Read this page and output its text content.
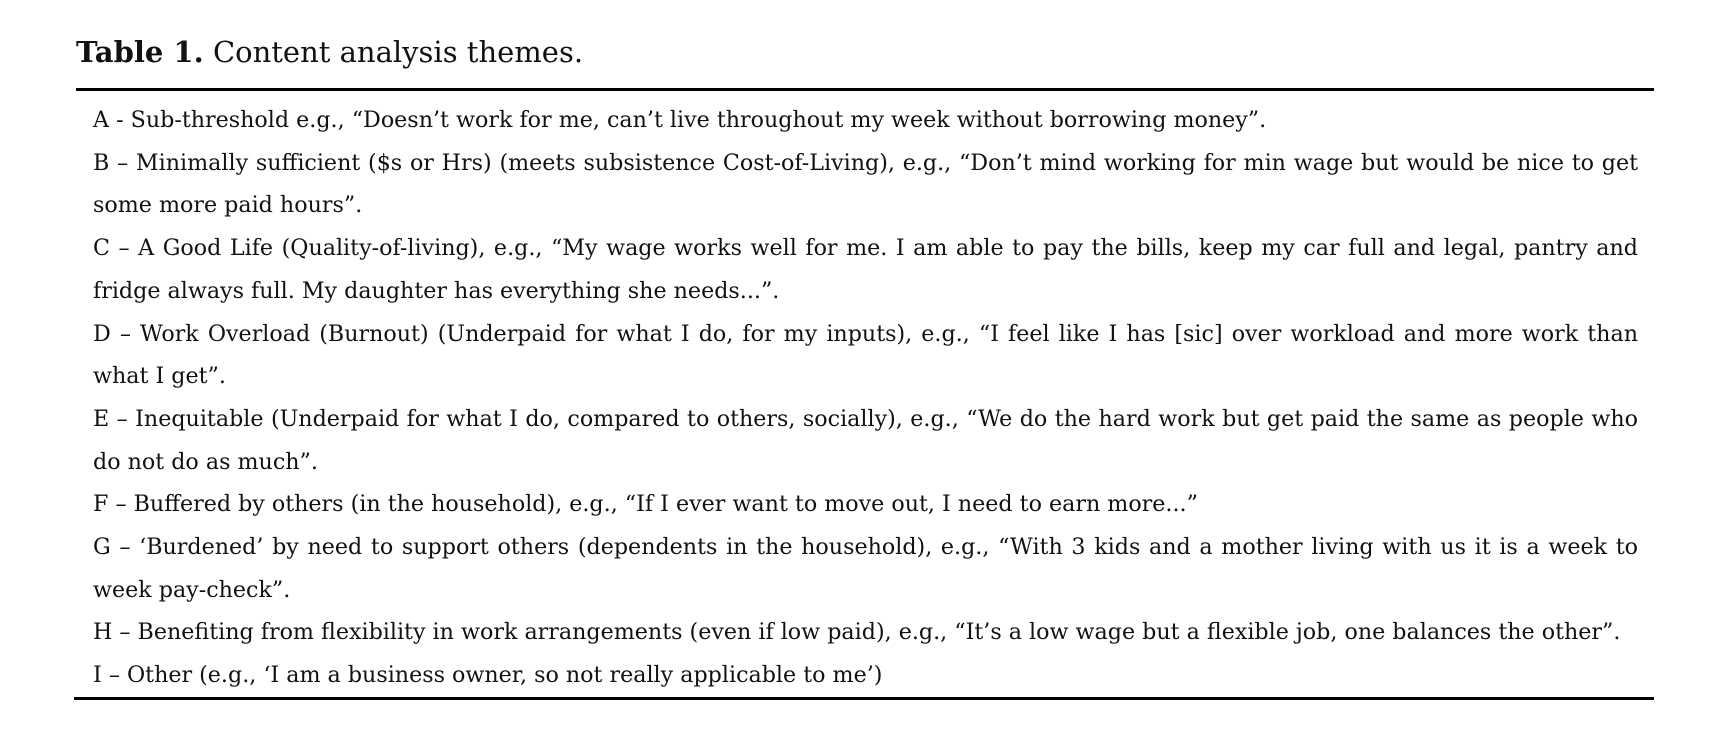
Table 1. Content analysis themes.
A - Sub-threshold e.g., “Doesn’t work for me, can’t live throughout my week without borrowing money”.
B – Minimally sufficient ($s or Hrs) (meets subsistence Cost-of-Living), e.g., “Don’t mind working for min wage but would be nice to get some more paid hours”.
C – A Good Life (Quality-of-living), e.g., “My wage works well for me. I am able to pay the bills, keep my car full and legal, pantry and fridge always full. My daughter has everything she needs...”.
D – Work Overload (Burnout) (Underpaid for what I do, for my inputs), e.g., “I feel like I has [sic] over workload and more work than what I get”.
E – Inequitable (Underpaid for what I do, compared to others, socially), e.g., “We do the hard work but get paid the same as people who do not do as much”.
F – Buffered by others (in the household), e.g., “If I ever want to move out, I need to earn more...”
G – ‘Burdened’ by need to support others (dependents in the household), e.g., “With 3 kids and a mother living with us it is a week to week pay-check”.
H – Benefiting from flexibility in work arrangements (even if low paid), e.g., “It’s a low wage but a flexible job, one balances the other”.
I – Other (e.g., ‘I am a business owner, so not really applicable to me’)
